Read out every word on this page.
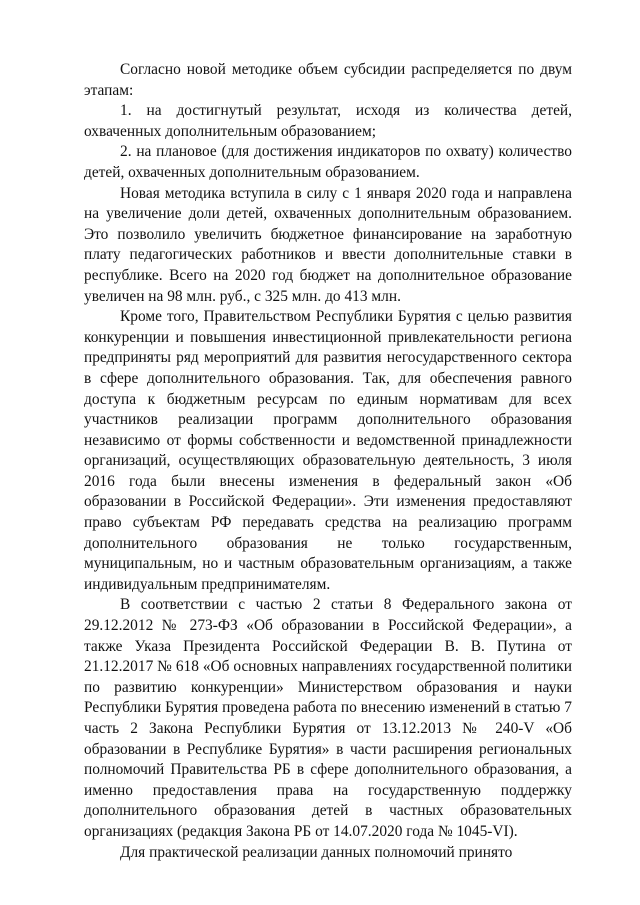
Согласно новой методике объем субсидии распределяется по двум этапам:

1. на достигнутый результат, исходя из количества детей, охваченных дополнительным образованием;

2. на плановое (для достижения индикаторов по охвату) количество детей, охваченных дополнительным образованием.

Новая методика вступила в силу с 1 января 2020 года и направлена на увеличение доли детей, охваченных дополнительным образованием. Это позволило увеличить бюджетное финансирование на заработную плату педагогических работников и ввести дополнительные ставки в республике. Всего на 2020 год бюджет на дополнительное образование увеличен на 98 млн. руб., с 325 млн. до 413 млн.

Кроме того, Правительством Республики Бурятия с целью развития конкуренции и повышения инвестиционной привлекательности региона предприняты ряд мероприятий для развития негосударственного сектора в сфере дополнительного образования. Так, для обеспечения равного доступа к бюджетным ресурсам по единым нормативам для всех участников реализации программ дополнительного образования независимо от формы собственности и ведомственной принадлежности организаций, осуществляющих образовательную деятельность, 3 июля 2016 года были внесены изменения в федеральный закон «Об образовании в Российской Федерации». Эти изменения предоставляют право субъектам РФ передавать средства на реализацию программ дополнительного образования не только государственным, муниципальным, но и частным образовательным организациям, а также индивидуальным предпринимателям.

В соответствии с частью 2 статьи 8 Федерального закона от 29.12.2012 № 273-ФЗ «Об образовании в Российской Федерации», а также Указа Президента Российской Федерации В. В. Путина от 21.12.2017 № 618 «Об основных направлениях государственной политики по развитию конкуренции» Министерством образования и науки Республики Бурятия проведена работа по внесению изменений в статью 7 часть 2 Закона Республики Бурятия от 13.12.2013 № 240-V «Об образовании в Республике Бурятия» в части расширения региональных полномочий Правительства РБ в сфере дополнительного образования, а именно предоставления права на государственную поддержку дополнительного образования детей в частных образовательных организациях (редакция Закона РБ от 14.07.2020 года № 1045-VI).

Для практической реализации данных полномочий принято
